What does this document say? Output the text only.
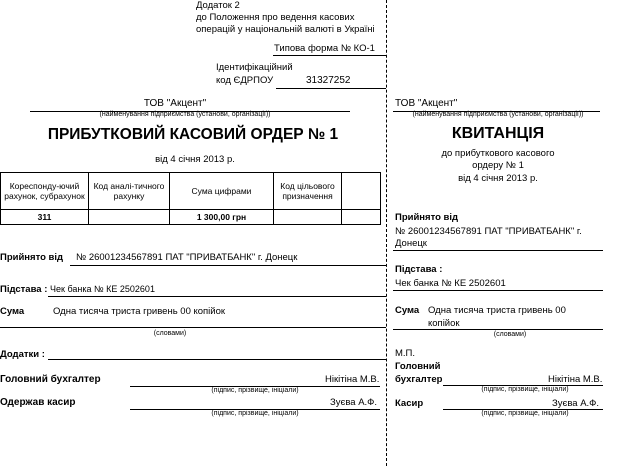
Додаток 2
до Положення про ведення касових
операцій у національній валюті в Україні
Типова форма № КО-1
Ідентифікаційний
код ЄДРПОУ	31327252
ТОВ "Акцент"
(найменування підприємства (установи, організації))
ПРИБУТКОВИЙ КАСОВИЙ ОРДЕР № 1
від 4 січня 2013 р.
Кореспонду-ючий рахунок, субрахунок	Код аналі-тичного рахунку	Сума цифрами	Код цільового призначення	
311		1 300,00 грн		
Прийнято від № 26001234567891 ПАТ "ПРИВАТБАНК" г. Донецк
Підстава : Чек банка № КЕ 2502601
Сума	Одна тисяча триста гривень 00 копійок
(словами)
Додатки :
Головний бухгалтер	Нікітіна М.В.
(підпис, прізвище, ініціали)
Одержав касир	Зуєва А.Ф.
(підпис, прізвище, ініціали)
ТОВ "Акцент"
(найменування підприємства (установи, організації))
КВИТАНЦІЯ
до прибуткового касового
ордеру № 1
від 4 січня 2013 р.
Прийнято від
№ 26001234567891 ПАТ "ПРИВАТБАНК" г.
Донецк
Підстава :
Чек банка № КЕ 2502601
Сума Одна тисяча триста гривень 00
копійок
(словами)
М.П.
Головний
бухгалтер	Нікітіна М.В.
(підпис, прізвище, ініціали)
Касир	Зуєва А.Ф.
(підпис, прізвище, ініціали)
